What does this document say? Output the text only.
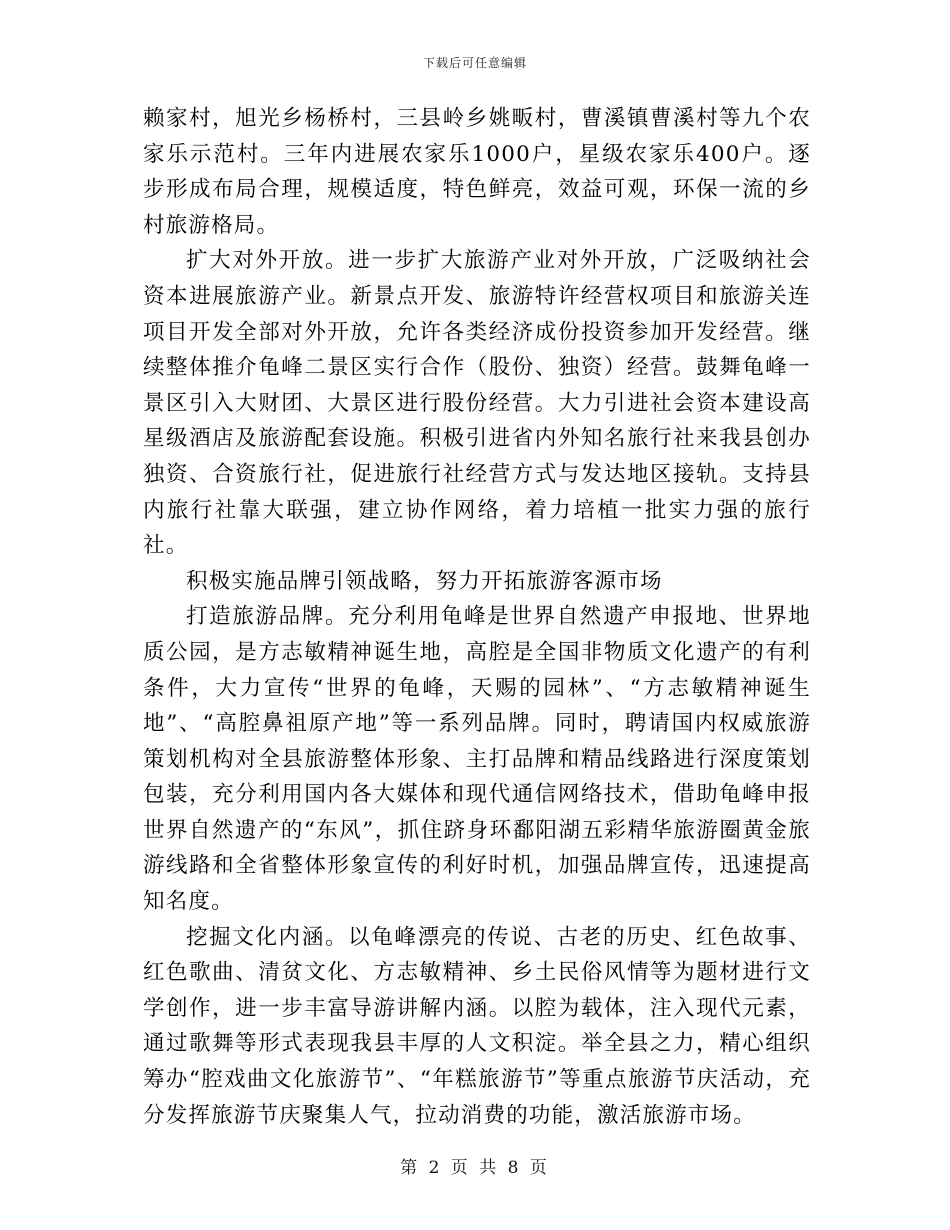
下载后可任意编辑

赖家村，旭光乡杨桥村，三县岭乡姚畈村，曹溪镇曹溪村等九个农家乐示范村。三年内进展农家乐1000户，星级农家乐400户。逐步形成布局合理，规模适度，特色鲜亮，效益可观，环保一流的乡村旅游格局。

扩大对外开放。进一步扩大旅游产业对外开放，广泛吸纳社会资本进展旅游产业。新景点开发、旅游特许经营权项目和旅游关连项目开发全部对外开放，允许各类经济成份投资参加开发经营。继续整体推介龟峰二景区实行合作（股份、独资）经营。鼓舞龟峰一景区引入大财团、大景区进行股份经营。大力引进社会资本建设高星级酒店及旅游配套设施。积极引进省内外知名旅行社来我县创办独资、合资旅行社，促进旅行社经营方式与发达地区接轨。支持县内旅行社靠大联强，建立协作网络，着力培植一批实力强的旅行社。

积极实施品牌引领战略，努力开拓旅游客源市场

打造旅游品牌。充分利用龟峰是世界自然遗产申报地、世界地质公园，是方志敏精神诞生地，高腔是全国非物质文化遗产的有利条件，大力宣传“世界的龟峰，天赐的园林”、“方志敏精神诞生地”、“高腔鼻祖原产地”等一系列品牌。同时，聘请国内权威旅游策划机构对全县旅游整体形象、主打品牌和精品线路进行深度策划包装，充分利用国内各大媒体和现代通信网络技术，借助龟峰申报世界自然遗产的“东风”，抓住跻身环鄱阳湖五彩精华旅游圈黄金旅游线路和全省整体形象宣传的利好时机，加强品牌宣传，迅速提高知名度。

挖掘文化内涵。以龟峰漂亮的传说、古老的历史、红色故事、红色歌曲、清贫文化、方志敏精神、乡土民俗风情等为题材进行文学创作，进一步丰富导游讲解内涵。以腔为载体，注入现代元素，通过歌舞等形式表现我县丰厚的人文积淀。举全县之力，精心组织筹办“腔戏曲文化旅游节”、“年糕旅游节”等重点旅游节庆活动，充分发挥旅游节庆聚集人气，拉动消费的功能，激活旅游市场。

第 2 页 共 8 页
